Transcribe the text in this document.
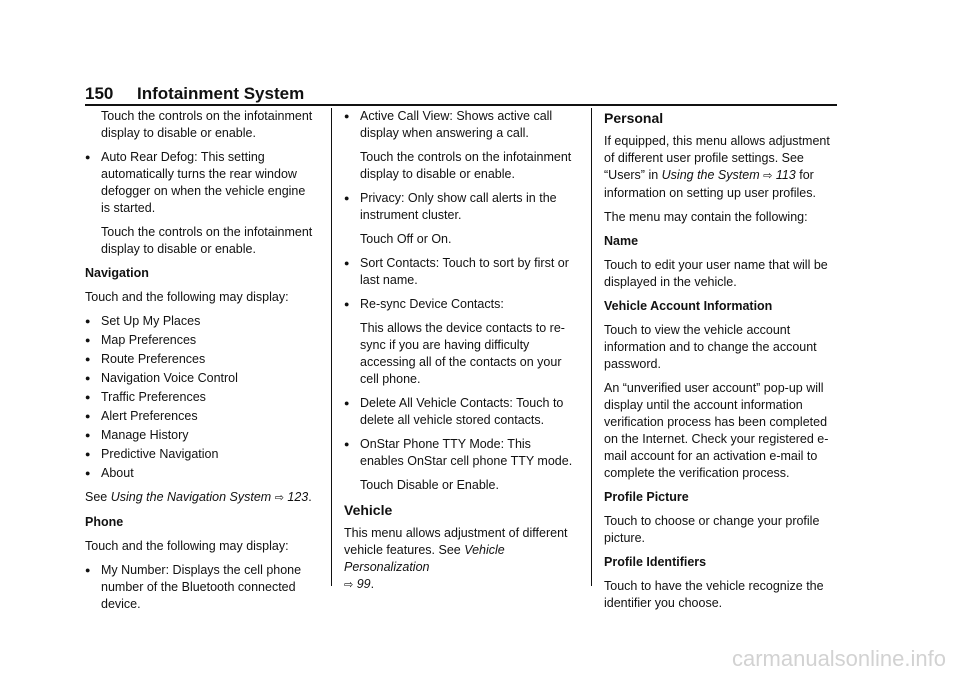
150 Infotainment System

Touch the controls on the infotainment display to disable or enable.

● Auto Rear Defog: This setting automatically turns the rear window defogger on when the vehicle engine is started.

Touch the controls on the infotainment display to disable or enable.

Navigation

Touch and the following may display:

● Set Up My Places
● Map Preferences
● Route Preferences
● Navigation Voice Control
● Traffic Preferences
● Alert Preferences
● Manage History
● Predictive Navigation
● About

See Using the Navigation System ⇨ 123.

Phone

Touch and the following may display:

● My Number: Displays the cell phone number of the Bluetooth connected device.
● Active Call View: Shows active call display when answering a call.

Touch the controls on the infotainment display to disable or enable.

● Privacy: Only show call alerts in the instrument cluster.

Touch Off or On.

● Sort Contacts: Touch to sort by first or last name.
● Re-sync Device Contacts:

This allows the device contacts to re-sync if you are having difficulty accessing all of the contacts on your cell phone.

● Delete All Vehicle Contacts: Touch to delete all vehicle stored contacts.
● OnStar Phone TTY Mode: This enables OnStar cell phone TTY mode.

Touch Disable or Enable.

Vehicle

This menu allows adjustment of different vehicle features. See Vehicle Personalization
⇨ 99.

Personal

If equipped, this menu allows adjustment of different user profile settings. See “Users” in Using the System ⇨ 113 for information on setting up user profiles.

The menu may contain the following:

Name

Touch to edit your user name that will be displayed in the vehicle.

Vehicle Account Information

Touch to view the vehicle account information and to change the account password.

An “unverified user account” pop-up will display until the account information verification process has been completed on the Internet. Check your registered e-mail account for an activation e-mail to complete the verification process.

Profile Picture

Touch to choose or change your profile picture.

Profile Identifiers

Touch to have the vehicle recognize the identifier you choose.

carmanualsonline.info
